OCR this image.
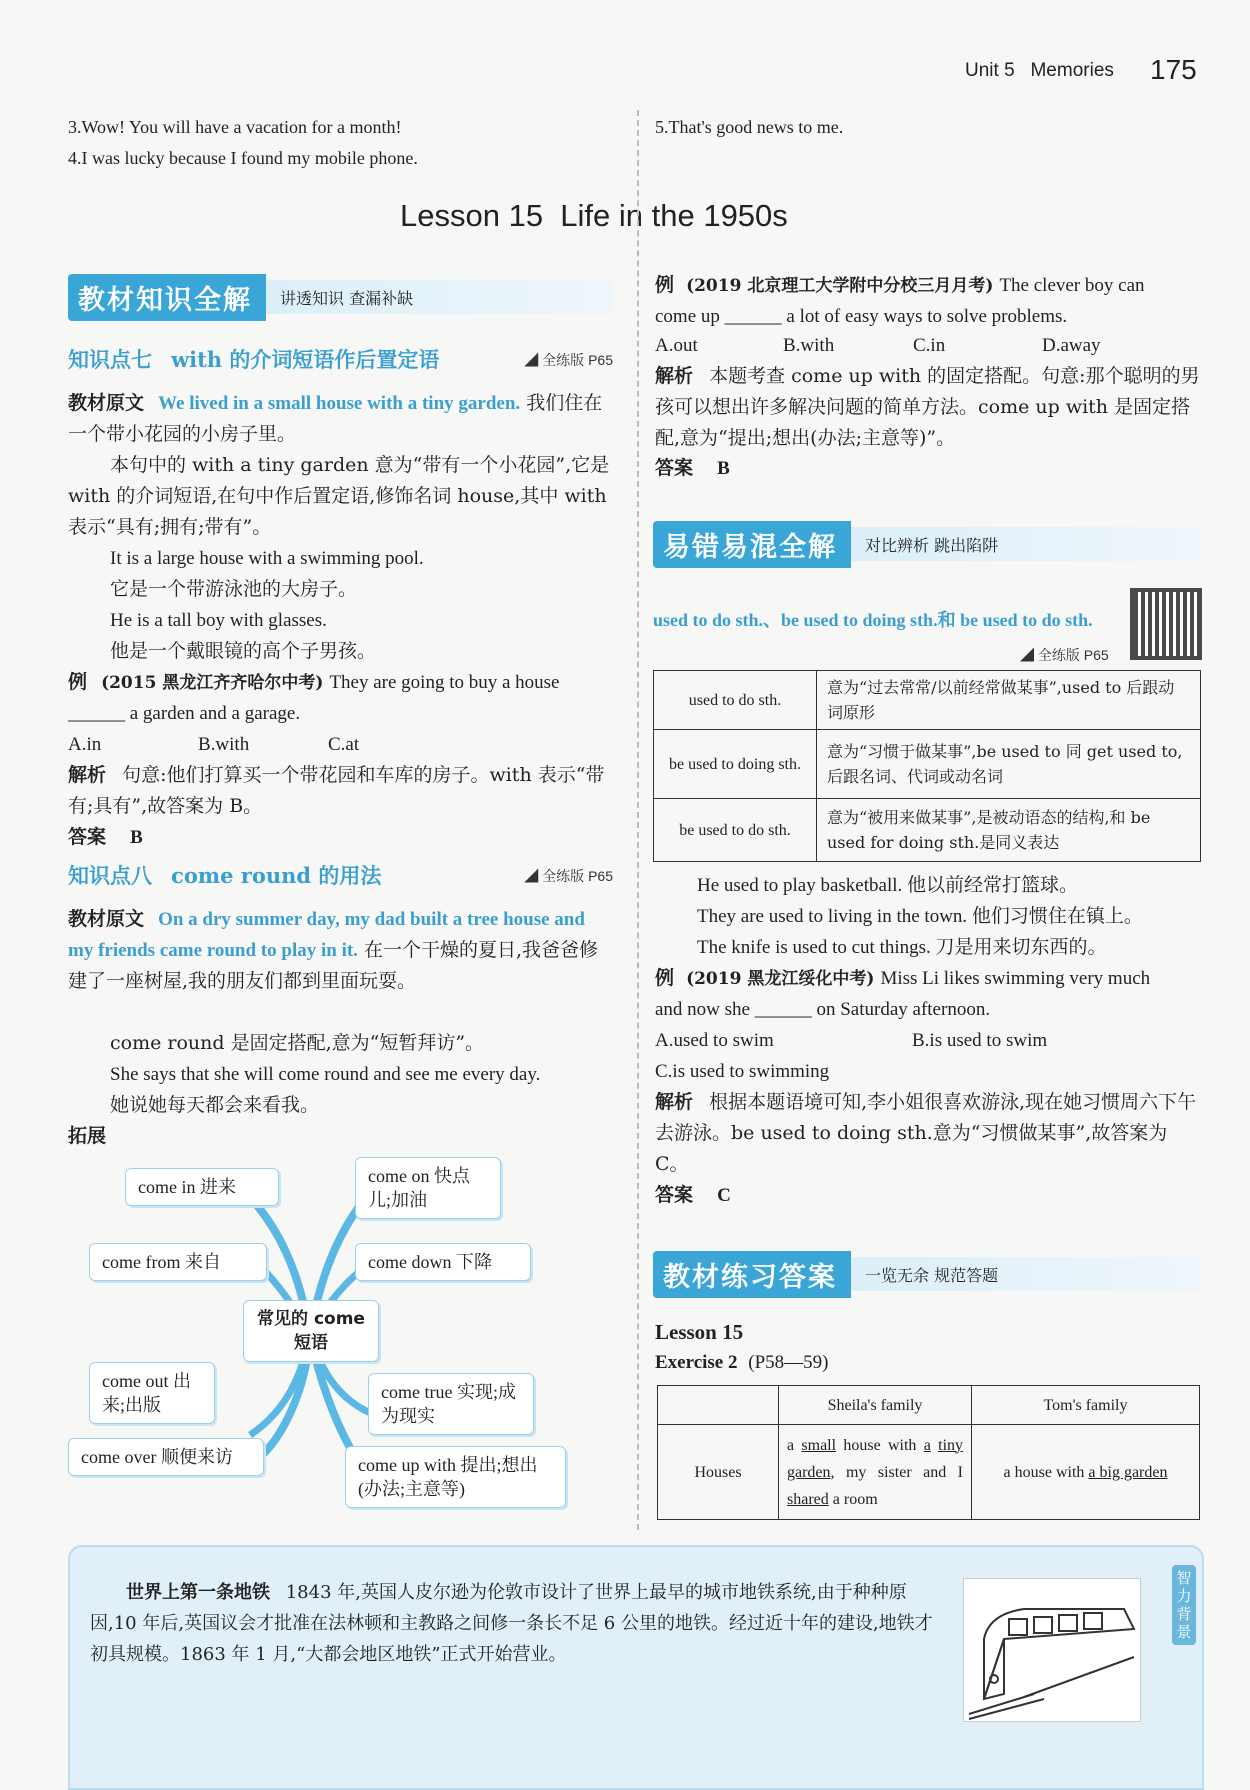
Unit 5 Memories 175
3.Wow! You will have a vacation for a month!
4.I was lucky because I found my mobile phone.
5.That's good news to me.
Lesson 15  Life in the 1950s
教材知识全解	讲透知识 查漏补缺
知识点七 with 的介词短语作后置定语	◢ 全练版 P65
教材原文 We lived in a small house with a tiny garden. 我们住在一个带小花园的小房子里。
本句中的 with a tiny garden 意为“带有一个小花园”,它是 with 的介词短语,在句中作后置定语,修饰名词 house,其中 with 表示“具有;拥有;带有”。
It is a large house with a swimming pool.
它是一个带游泳池的大房子。
He is a tall boy with glasses.
他是一个戴眼镜的高个子男孩。
例 (2015 黑龙江齐齐哈尔中考) They are going to buy a house
______ a garden and a garage.
A.in	B.with	C.at
解析 句意:他们打算买一个带花园和车库的房子。with 表示“带有;具有”,故答案为 B。
答案 B
知识点八 come round 的用法	◢ 全练版 P65
教材原文 On a dry summer day, my dad built a tree house and my friends came round to play in it. 在一个干燥的夏日,我爸爸修建了一座树屋,我的朋友们都到里面玩耍。
come round 是固定搭配,意为“短暂拜访”。
She says that she will come round and see me every day.
她说她每天都会来看我。
拓展
常见的 come短语
come in 进来
come from 来自
come out 出来;出版
come over 顺便来访
come on 快点儿;加油
come down 下降
come true 实现;成为现实
come up with 提出;想出(办法;主意等)
例 (2019 北京理工大学附中分校三月月考) The clever boy can
come up ______ a lot of easy ways to solve problems.
A.out	B.with	C.in	D.away
解析 本题考查 come up with 的固定搭配。句意:那个聪明的男孩可以想出许多解决问题的简单方法。come up with 是固定搭配,意为“提出;想出(办法;主意等)”。
答案 B
易错易混全解	对比辨析 跳出陷阱
used to do sth.、be used to doing sth.和 be used to do sth.
◢ 全练版 P65
used to do sth.	意为“过去常常/以前经常做某事”,used to 后跟动词原形
be used to doing sth.	意为“习惯于做某事”,be used to 同 get used to,后跟名词、代词或动名词
be used to do sth.	意为“被用来做某事”,是被动语态的结构,和 be used for doing sth.是同义表达
He used to play basketball. 他以前经常打篮球。
They are used to living in the town. 他们习惯住在镇上。
The knife is used to cut things. 刀是用来切东西的。
例 (2019 黑龙江绥化中考) Miss Li likes swimming very much
and now she ______ on Saturday afternoon.
A.used to swim	B.is used to swim
C.is used to swimming
解析 根据本题语境可知,李小姐很喜欢游泳,现在她习惯周六下午去游泳。be used to doing sth.意为“习惯做某事”,故答案为 C。
答案 C
教材练习答案	一览无余 规范答题
Lesson 15
Exercise 2 (P58—59)
	Sheila's family	Tom's family
Houses	a small house with a tiny garden, my sister and I shared a room	a house with a big garden
世界上第一条地铁 1843 年,英国人皮尔逊为伦敦市设计了世界上最早的城市地铁系统,由于种种原因,10 年后,英国议会才批准在法林顿和主教路之间修一条长不足 6 公里的地铁。经过近十年的建设,地铁才初具规模。1863 年 1 月,“大都会地区地铁”正式开始营业。
智力背景
